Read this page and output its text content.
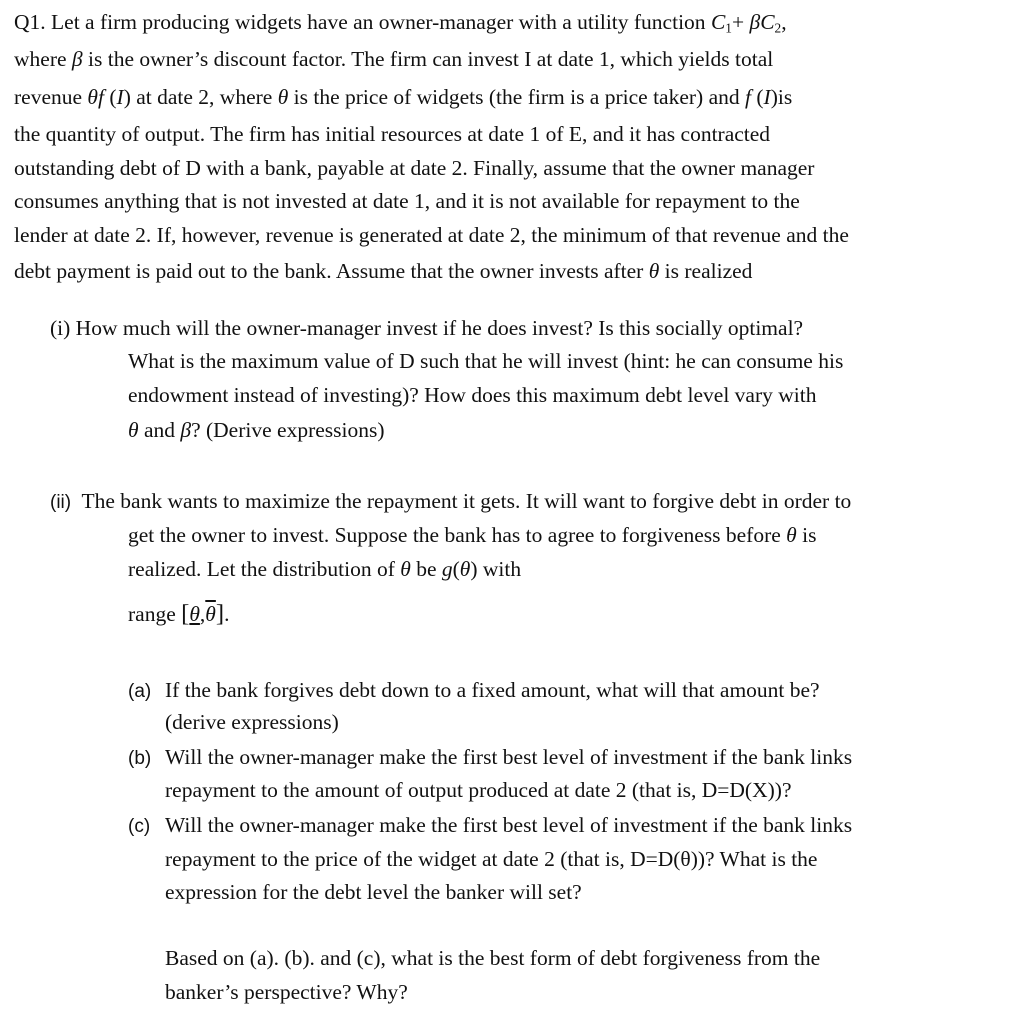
Q1. Let a firm producing widgets have an owner-manager with a utility function $C_1+ \beta C_2$,
where β is the owner’s discount factor. The firm can invest I at date 1, which yields total
revenue θf (I) at date 2, where θ is the price of widgets (the firm is a price taker) and f (I)is
the quantity of output. The firm has initial resources at date 1 of E, and it has contracted
outstanding debt of D with a bank, payable at date 2. Finally, assume that the owner manager
consumes anything that is not invested at date 1, and it is not available for repayment to the
lender at date 2. If, however, revenue is generated at date 2, the minimum of that revenue and the
debt payment is paid out to the bank. Assume that the owner invests after θ is realized
(i) How much will the owner-manager invest if he does invest? Is this socially optimal?
What is the maximum value of D such that he will invest (hint: he can consume his
endowment instead of investing)? How does this maximum debt level vary with
θ and β? (Derive expressions)
(ii) The bank wants to maximize the repayment it gets. It will want to forgive debt in order to
get the owner to invest. Suppose the bank has to agree to forgiveness before θ is
realized. Let the distribution of θ be g(θ) with
range $[\theta,\overline{\theta}]$.
(a) If the bank forgives debt down to a fixed amount, what will that amount be?
(derive expressions)
(b) Will the owner-manager make the first best level of investment if the bank links
repayment to the amount of output produced at date 2 (that is, D=D(X))?
(c) Will the owner-manager make the first best level of investment if the bank links
repayment to the price of the widget at date 2 (that is, D=D(θ))? What is the
expression for the debt level the banker will set?
Based on (a). (b). and (c), what is the best form of debt forgiveness from the
banker’s perspective? Why?
